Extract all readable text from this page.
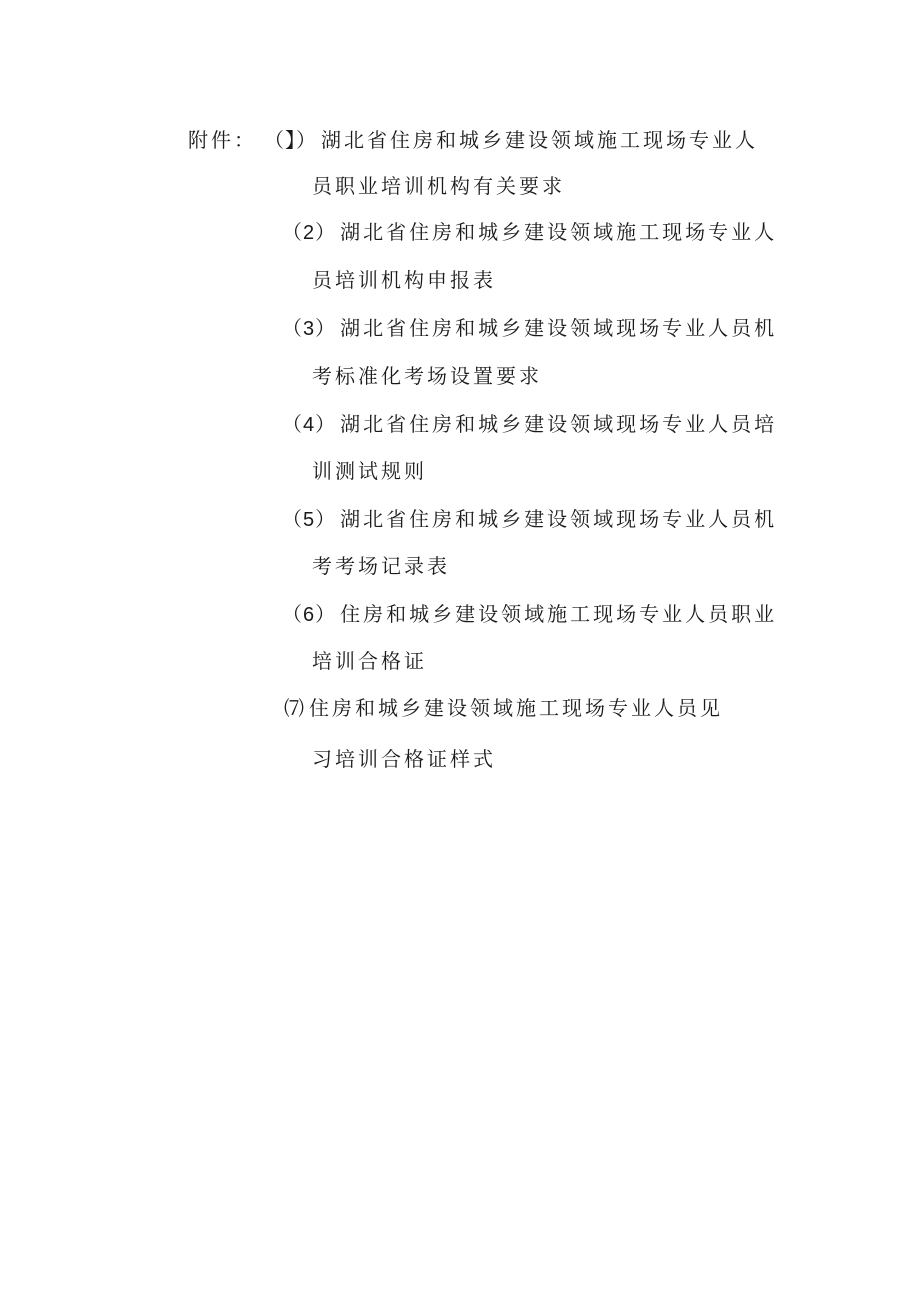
附件： （】） 湖北省住房和城乡建设领域施工现场专业人
员职业培训机构有关要求
（2） 湖北省住房和城乡建设领域施工现场专业人
员培训机构申报表
（3） 湖北省住房和城乡建设领域现场专业人员机
考标准化考场设置要求
（4） 湖北省住房和城乡建设领域现场专业人员培
训测试规则
（5） 湖北省住房和城乡建设领域现场专业人员机
考考场记录表
（6） 住房和城乡建设领域施工现场专业人员职业
培训合格证
⑺ 住房和城乡建设领域施工现场专业人员见
习培训合格证样式
